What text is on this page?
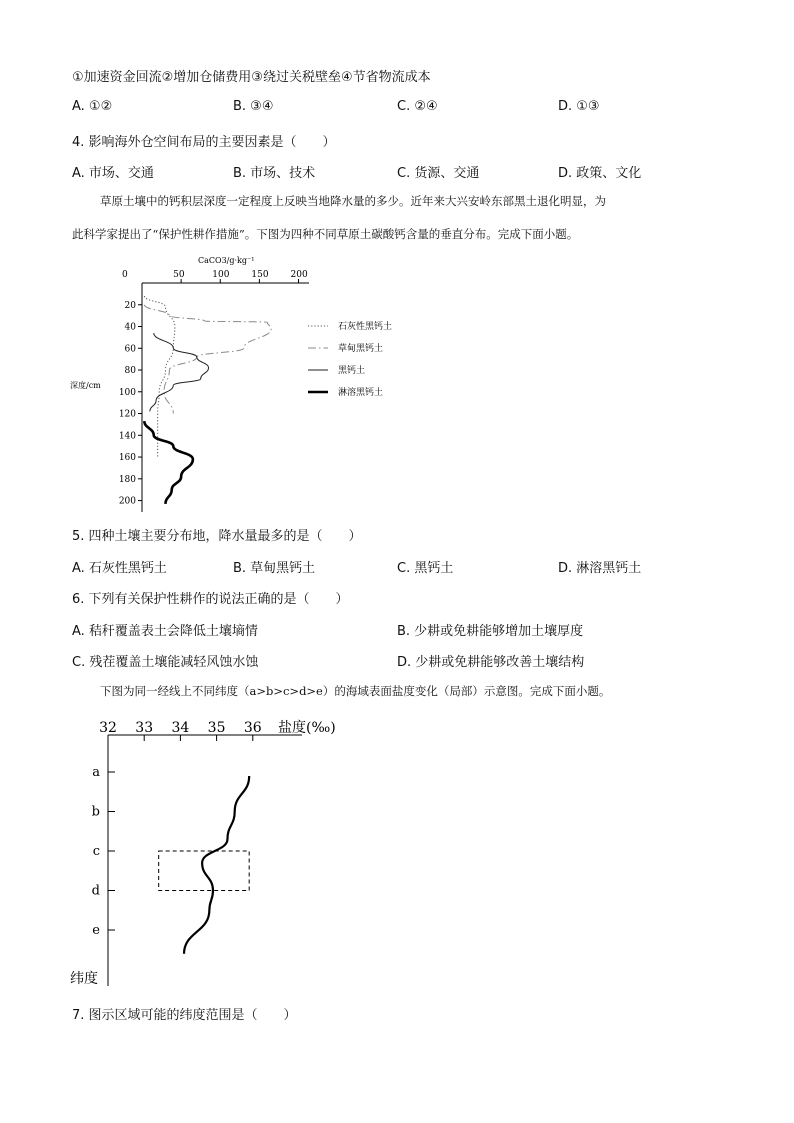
①加速资金回流②增加仓储费用③绕过关税壁垒④节省物流成本
A. ①②	B. ③④	C. ②④	D. ①③
4. 影响海外仓空间布局的主要因素是（　　）
A. 市场、交通	B. 市场、技术	C. 货源、交通	D. 政策、文化
草原土壤中的钙积层深度一定程度上反映当地降水量的多少。近年来大兴安岭东部黑土退化明显，为
此科学家提出了“保护性耕作措施”。下图为四种不同草原土碳酸钙含量的垂直分布。完成下面小题。
CaCO3/g·kg⁻¹
0	50	100 150 200
20
40
60
80
100
120
140
160
180
200
深度/cm
石灰性黑钙土
草甸黑钙土
黑钙土
淋溶黑钙土
5. 四种土壤主要分布地，降水量最多的是（　　）
A. 石灰性黑钙土	B. 草甸黑钙土	C. 黑钙土	D. 淋溶黑钙土
6. 下列有关保护性耕作的说法正确的是（　　）
A. 秸秆覆盖表土会降低土壤墒情	B. 少耕或免耕能够增加土壤厚度
C. 残茬覆盖土壤能减轻风蚀水蚀	D. 少耕或免耕能够改善土壤结构
下图为同一经线上不同纬度（a>b>c>d>e）的海域表面盐度变化（局部）示意图。完成下面小题。
32 33 34 35 36 盐度(‰)
a
b
c
d
e
纬度
7. 图示区域可能的纬度范围是（　　）
